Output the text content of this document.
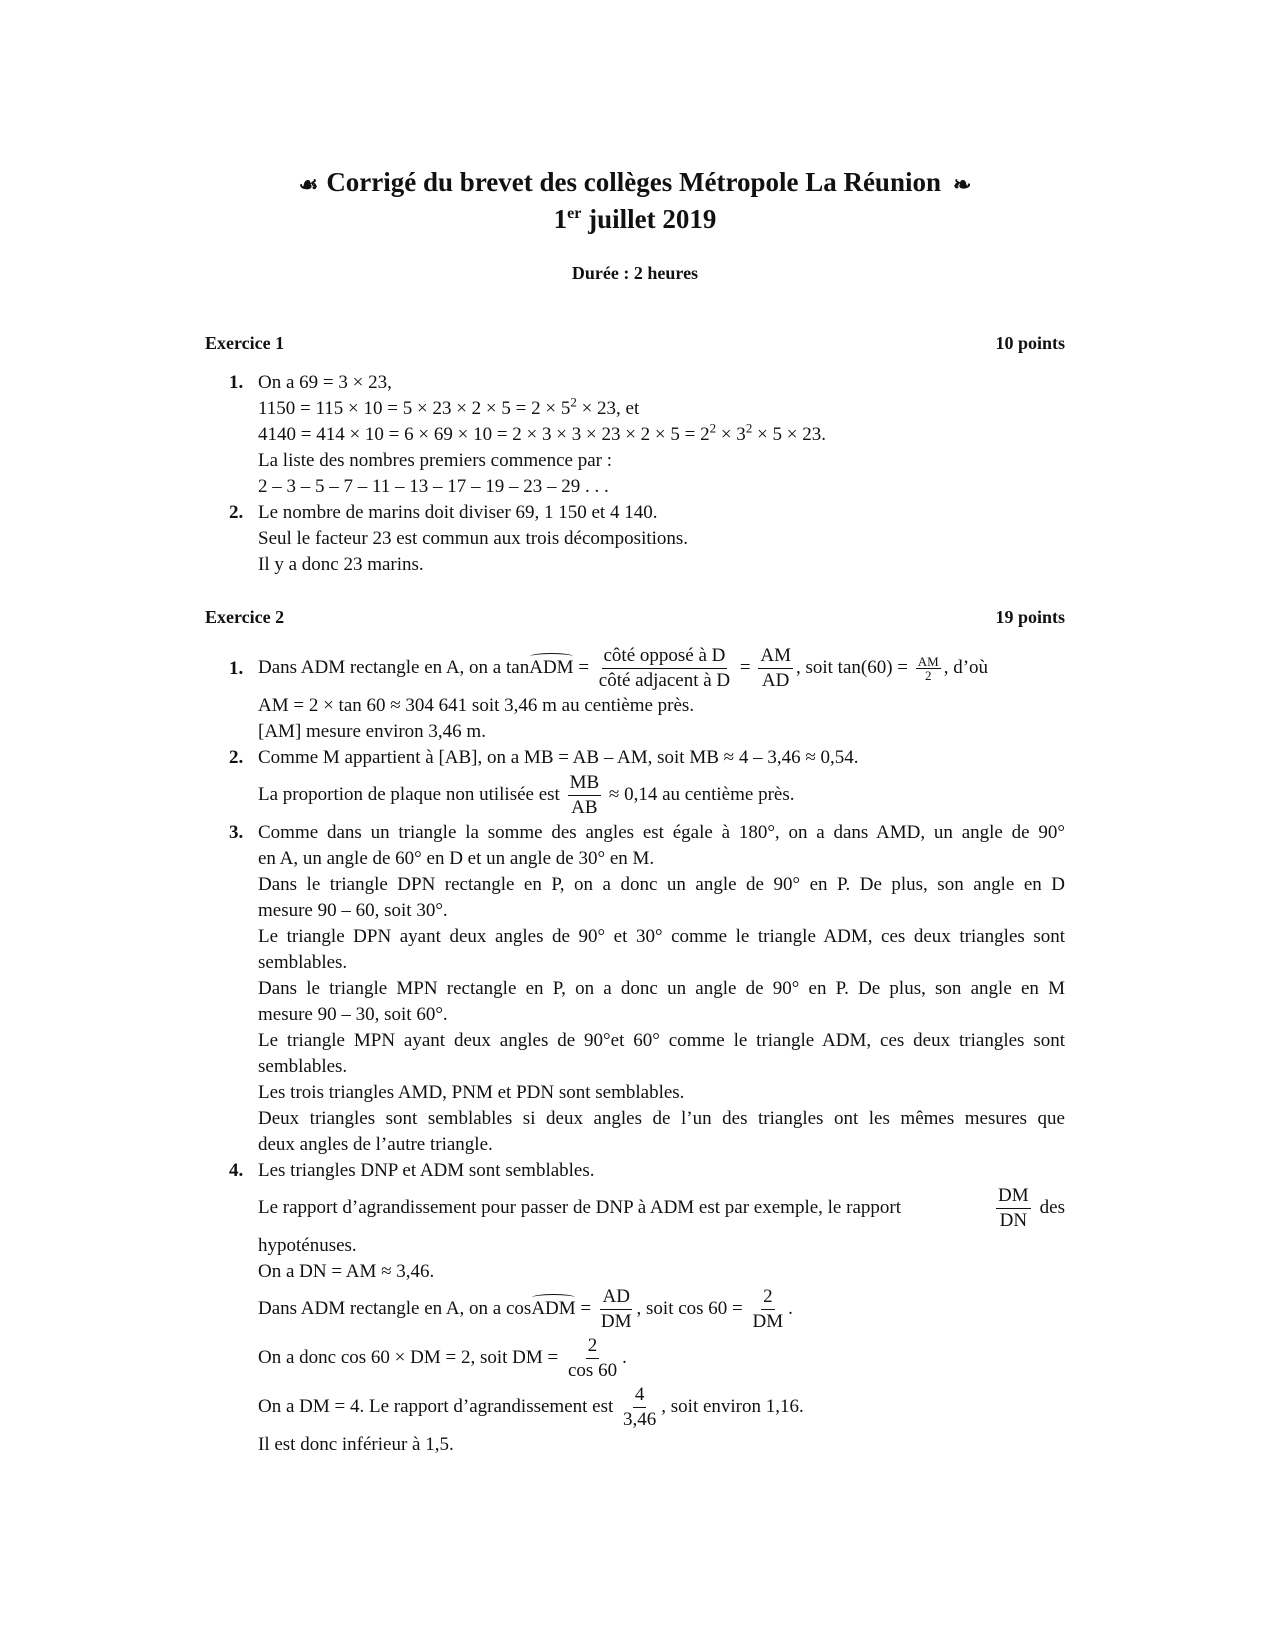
☙ Corrigé du brevet des collèges Métropole La Réunion ❧
1er juillet 2019
Durée : 2 heures
Exercice 1	10 points
1. On a 69 = 3 × 23,
$1150 = 115 \times 10 = 5 \times 23 \times 2 \times 5 = 2 \times 5^2 \times 23$, et
$4140 = 414 \times 10 = 6 \times 69 \times 10 = 2 \times 3 \times 3 \times 23 \times 2 \times 5 = 2^2 \times 3^2 \times 5 \times 23$.
La liste des nombres premiers commence par :
2 – 3 – 5 – 7 – 11 – 13 – 17 – 19 – 23 – 29 . . .
2. Le nombre de marins doit diviser 69, 1 150 et 4 140.
Seul le facteur 23 est commun aux trois décompositions.
Il y a donc 23 marins.
Exercice 2	19 points
1. Dans ADM rectangle en A, on a tanADM = $\frac{\text{côté opposé à D}}{\text{côté adjacent à D}} = \frac{AM}{AD}$ , soit $\tan(60) = \frac{AM}{2}$ , d’où
AM = 2 × tan 60 ≈ 304 641 soit 3,46 m au centième près.
[AM] mesure environ 3,46 m.
2. Comme M appartient à [AB], on a MB = AB – AM, soit MB ≈ 4 – 3,46 ≈ 0,54.
La proportion de plaque non utilisée est $\frac{MB}{AB} \approx 0,14$ au centième près.
3. Comme dans un triangle la somme des angles est égale à 180°, on a dans AMD, un angle de 90°
en A, un angle de 60° en D et un angle de 30° en M.
Dans le triangle DPN rectangle en P, on a donc un angle de 90° en P. De plus, son angle en D
mesure 90 – 60, soit 30°.
Le triangle DPN ayant deux angles de 90° et 30° comme le triangle ADM, ces deux triangles sont
semblables.
Dans le triangle MPN rectangle en P, on a donc un angle de 90° en P. De plus, son angle en M
mesure 90 – 30, soit 60°.
Le triangle MPN ayant deux angles de 90°et 60° comme le triangle ADM, ces deux triangles sont
semblables.
Les trois triangles AMD, PNM et PDN sont semblables.
Deux triangles sont semblables si deux angles de l’un des triangles ont les mêmes mesures que
deux angles de l’autre triangle.
4. Les triangles DNP et ADM sont semblables.
Le rapport d’agrandissement pour passer de DNP à ADM est par exemple, le rapport	$\frac{DM}{DN}$ des
hypoténuses.
On a DN = AM ≈ 3,46.
Dans ADM rectangle en A, on a cosADM = $\frac{AD}{DM}$ , soit $\cos 60 = \frac{2}{DM}$ .
On a donc cos 60 × DM = 2, soit DM = $\frac{2}{\cos 60}$ .
On a DM = 4. Le rapport d’agrandissement est $\frac{4}{3,46}$ , soit environ 1,16.
Il est donc inférieur à 1,5.
